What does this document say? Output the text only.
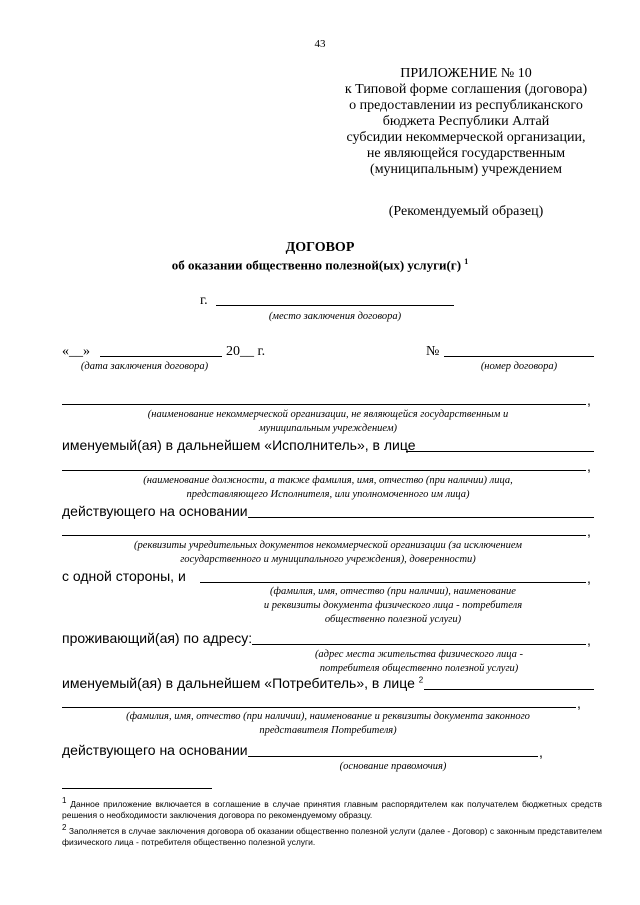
43
ПРИЛОЖЕНИЕ № 10
к Типовой форме соглашения (договора)
о предоставлении из республиканского
бюджета Республики Алтай
субсидии некоммерческой организации,
не являющейся государственным
(муниципальным) учреждением
(Рекомендуемый образец)
ДОГОВОР
об оказании общественно полезной(ых) услуги(г) $^1$
г.
(место заключения договора)
«__»	20__ г.
(дата заключения договора)
№
(номер договора)
,
(наименование некоммерческой организации, не являющейся государственным и
муниципальным учреждением)
именуемый(ая) в дальнейшем «Исполнитель», в лице
,
(наименование должности, а также фамилия, имя, отчество (при наличии) лица,
представляющего Исполнителя, или уполномоченного им лица)
действующего на основании
,
(реквизиты учредительных документов некоммерческой организации (за исключением
государственного и муниципального учреждения), доверенности)
с одной стороны, и	,
(фамилия, имя, отчество (при наличии), наименование
и реквизиты документа физического лица - потребителя
общественно полезной услуги)
проживающий(ая) по адресу:	,
(адрес места жительства физического лица -
потребителя общественно полезной услуги)
именуемый(ая) в дальнейшем «Потребитель», в лице $^2$
,
(фамилия, имя, отчество (при наличии), наименование и реквизиты документа законного
представителя Потребителя)
действующего на основании	,
(основание правомочия)
$^1$ Данное приложение включается в соглашение в случае принятия главным распорядителем как получателем бюджетных средств решения о необходимости заключения договора по рекомендуемому образцу.
$^2$ Заполняется в случае заключения договора об оказании общественно полезной услуги (далее - Договор) с законным представителем физического лица - потребителя общественно полезной услуги.
